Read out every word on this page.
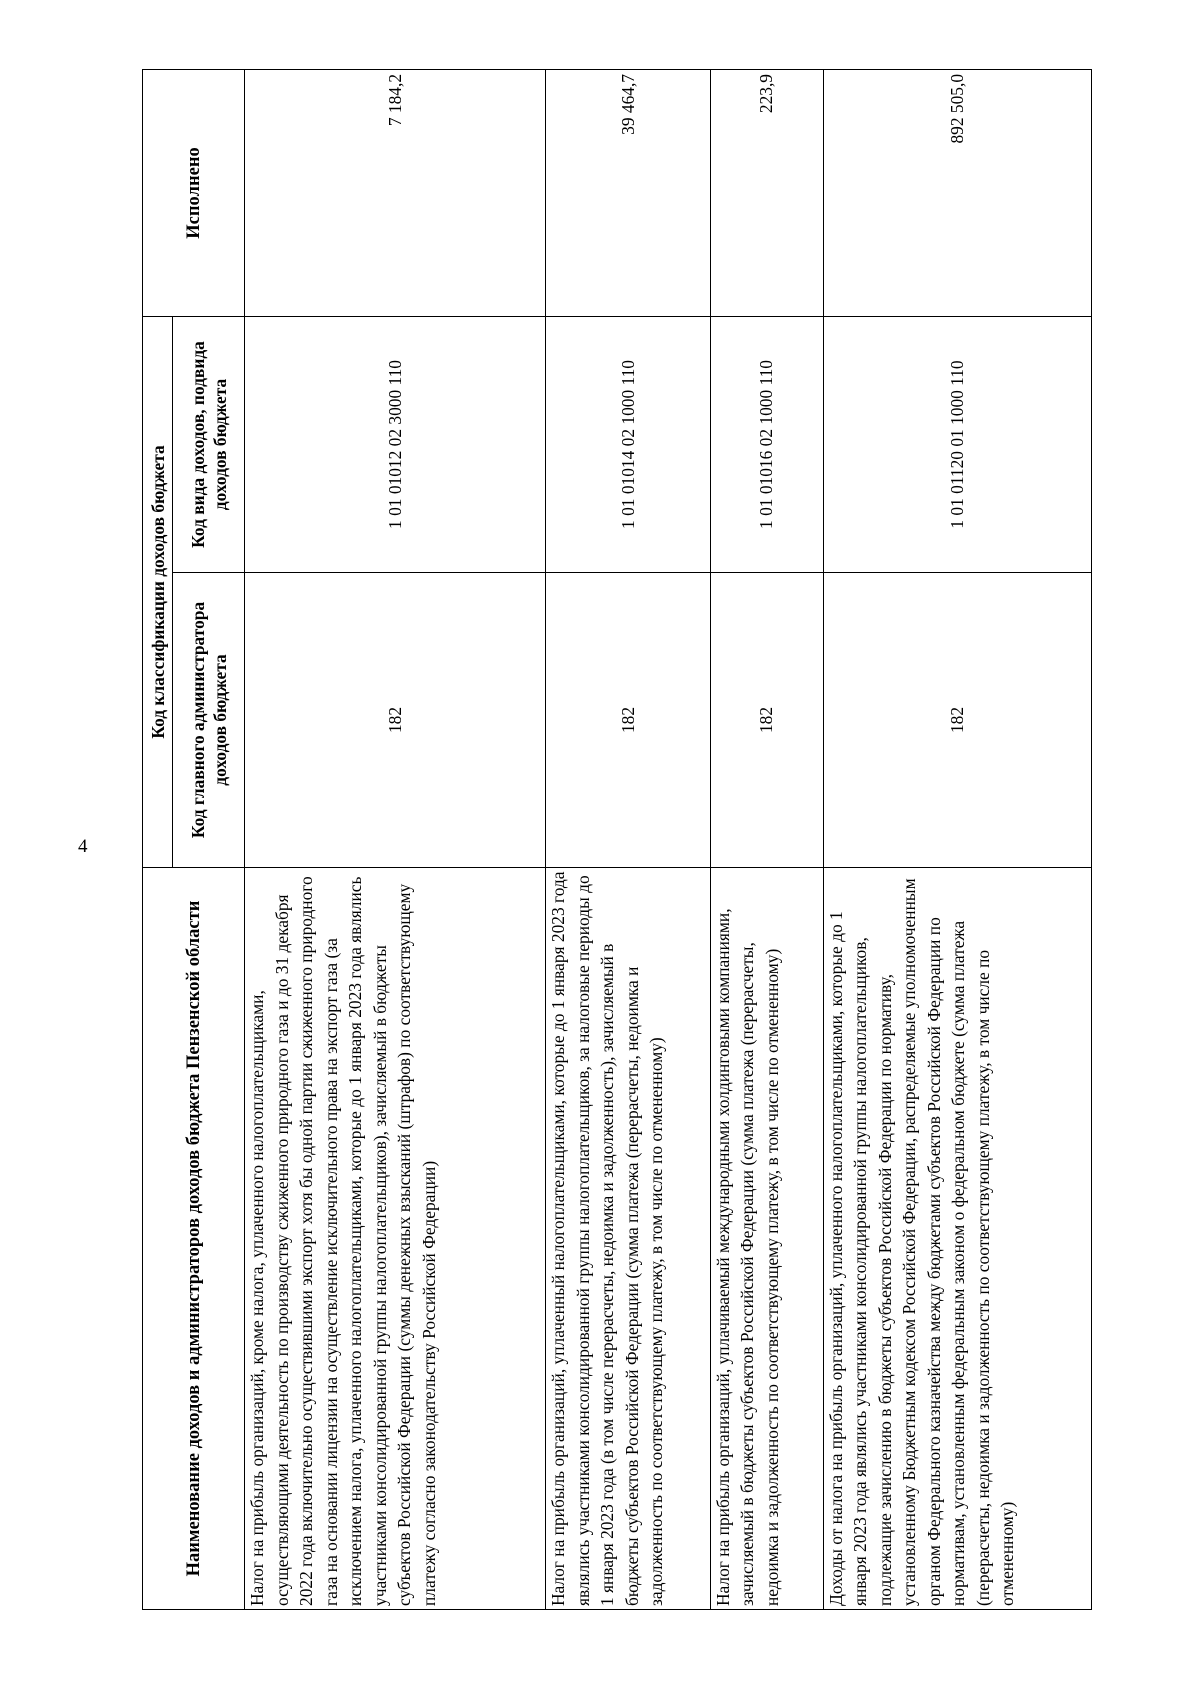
4
Наименование доходов и администраторов доходов бюджета Пензенской области	Код классификации доходов бюджета		Исполнено
	Код главного администратора доходов бюджета	Код вида доходов, подвида доходов бюджета	
Налог на прибыль организаций, кроме налога, уплаченного налогоплательщиками, осуществляющими деятельность по производству сжиженного природного газа и до 31 декабря 2022 года включительно осуществившими экспорт хотя бы одной партии сжиженного природного газа на основании лицензии на осуществление исключительного права на экспорт газа (за исключением налога, уплаченного налогоплательщиками, которые до 1 января 2023 года являлись участниками консолидированной группы налогоплательщиков), зачисляемый в бюджеты субъектов Российской Федерации (суммы денежных взысканий (штрафов) по соответствующему платежу согласно законодательству Российской Федерации)	182	1 01 01012 02 3000 110	7 184,2
Налог на прибыль организаций, уплаченный налогоплательщиками, которые до 1 января 2023 года являлись участниками консолидированной группы налогоплательщиков, за налоговые периоды до 1 января 2023 года (в том числе перерасчеты, недоимка и задолженность), зачисляемый в бюджеты субъектов Российской Федерации (сумма платежа (перерасчеты, недоимка и задолженность по соответствующему платежу, в том числе по отмененному)	182	1 01 01014 02 1000 110	39 464,7
Налог на прибыль организаций, уплачиваемый международными холдинговыми компаниями, зачисляемый в бюджеты субъектов Российской Федерации (сумма платежа (перерасчеты, недоимка и задолженность по соответствующему платежу, в том числе по отмененному)	182	1 01 01016 02 1000 110	223,9
Доходы от налога на прибыль организаций, уплаченного налогоплательщиками, которые до 1 января 2023 года являлись участниками консолидированной группы налогоплательщиков, подлежащие зачислению в бюджеты субъектов Российской Федерации по нормативу, установленному Бюджетным кодексом Российской Федерации, распределяемые уполномоченным органом Федерального казначейства между бюджетами субъектов Российской Федерации по нормативам, установленным федеральным законом о федеральном бюджете (сумма платежа (перерасчеты, недоимка и задолженность по соответствующему платежу, в том числе по отмененному)	182	1 01 01120 01 1000 110	892 505,0
